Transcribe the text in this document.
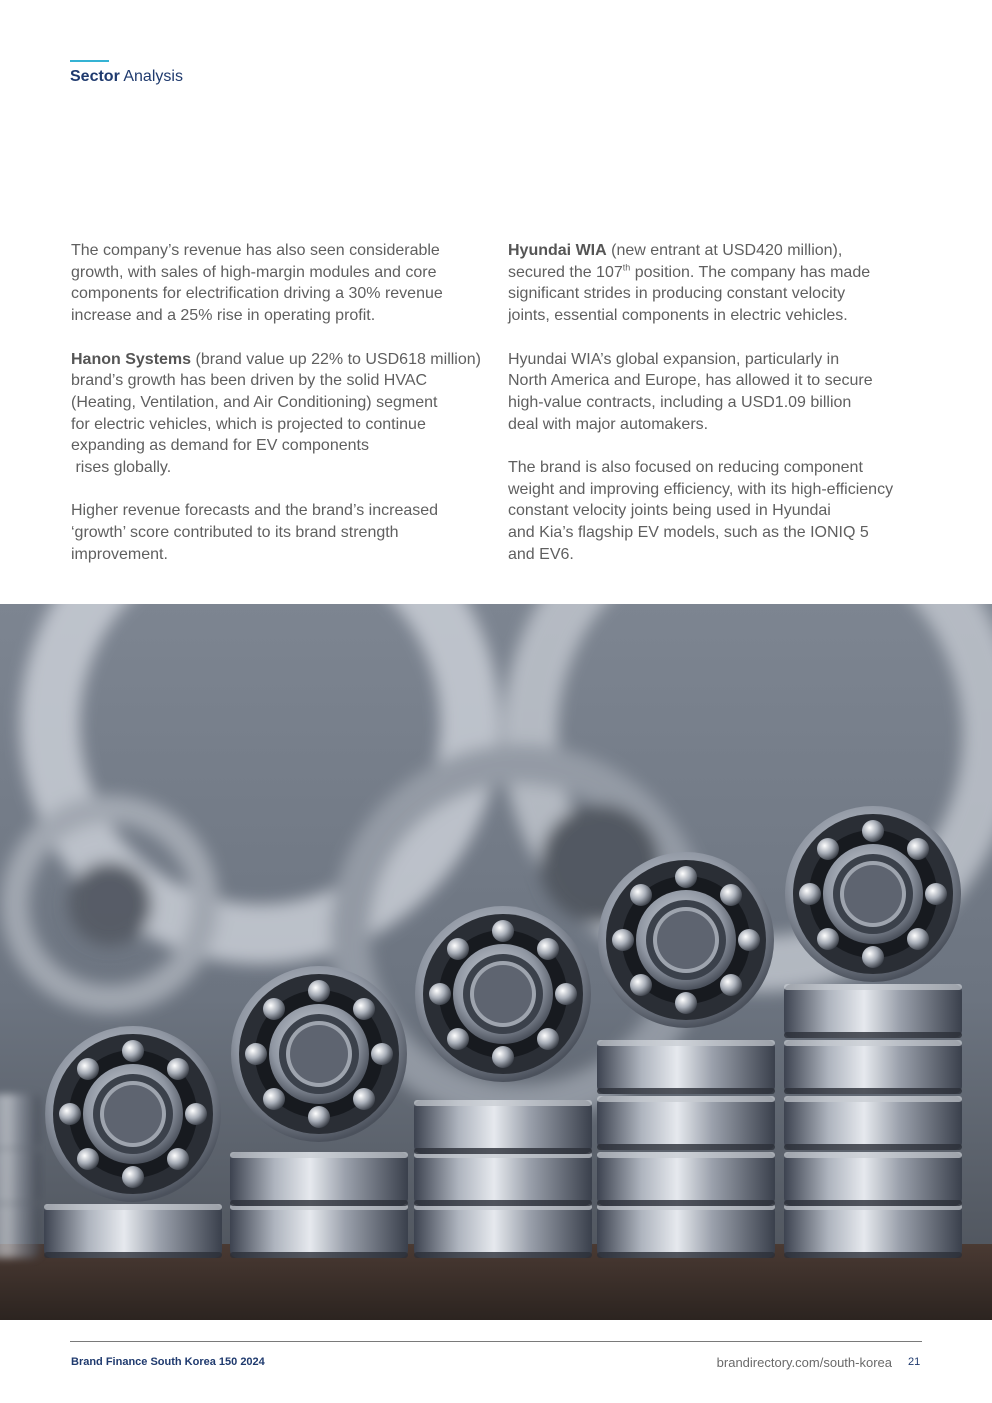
Sector Analysis

The company’s revenue has also seen considerable
growth, with sales of high-margin modules and core
components for electrification driving a 30% revenue
increase and a 25% rise in operating profit.

Hanon Systems (brand value up 22% to USD618 million)
brand’s growth has been driven by the solid HVAC
(Heating, Ventilation, and Air Conditioning) segment
for electric vehicles, which is projected to continue
expanding as demand for EV components
rises globally.

Higher revenue forecasts and the brand’s increased
‘growth’ score contributed to its brand strength
improvement.

Hyundai WIA (new entrant at USD420 million),
secured the 107th position. The company has made
significant strides in producing constant velocity
joints, essential components in electric vehicles.

Hyundai WIA’s global expansion, particularly in
North America and Europe, has allowed it to secure
high-value contracts, including a USD1.09 billion
deal with major automakers.

The brand is also focused on reducing component
weight and improving efficiency, with its high-efficiency
constant velocity joints being used in Hyundai
and Kia’s flagship EV models, such as the IONIQ 5
and EV6.

Brand Finance South Korea 150 2024	brandirectory.com/south-korea 21
